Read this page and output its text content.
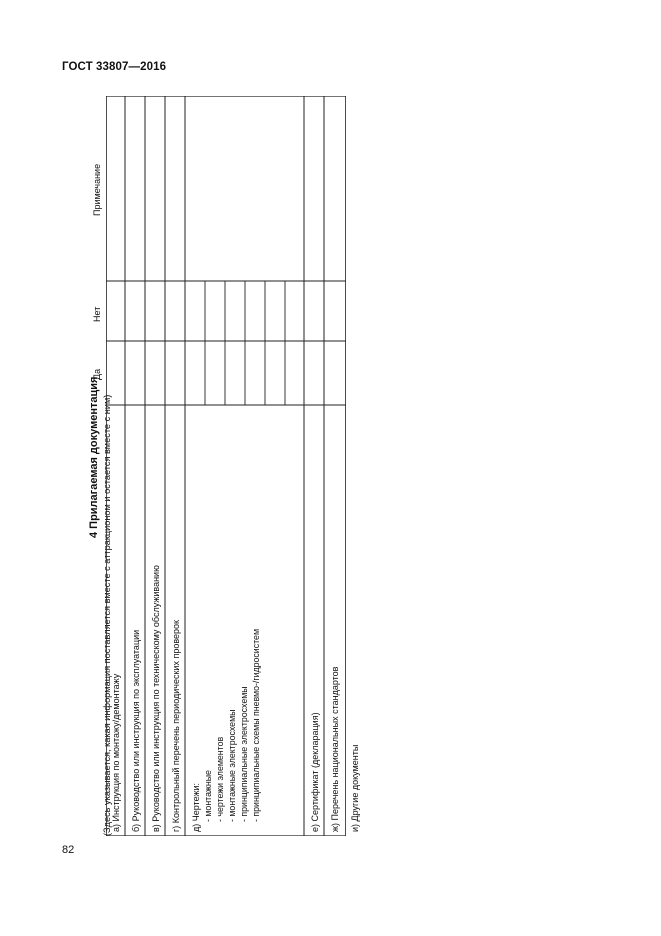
ГОСТ 33807—2016
4 Прилагаемая документация (Здесь указывается, какая информация поставляется вместе с аттракционом и остается вместе с ним)
Да
Нет
Примечание
а) Инструкция по монтажу/демонтажу б) Руководство или инструкция по эксплуатации в) Руководство или инструкция по техническому обслуживанию г) Контрольный перечень периодических проверок д) Чертежи: - монтажные - чертежи элементов - монтажные электросхемы - принципиальные электросхемы - принципиальные схемы пневмо-/гидросистем	е) Сертификат (декларация) ж) Перечень национальных стандартов и) Другие документы
82
